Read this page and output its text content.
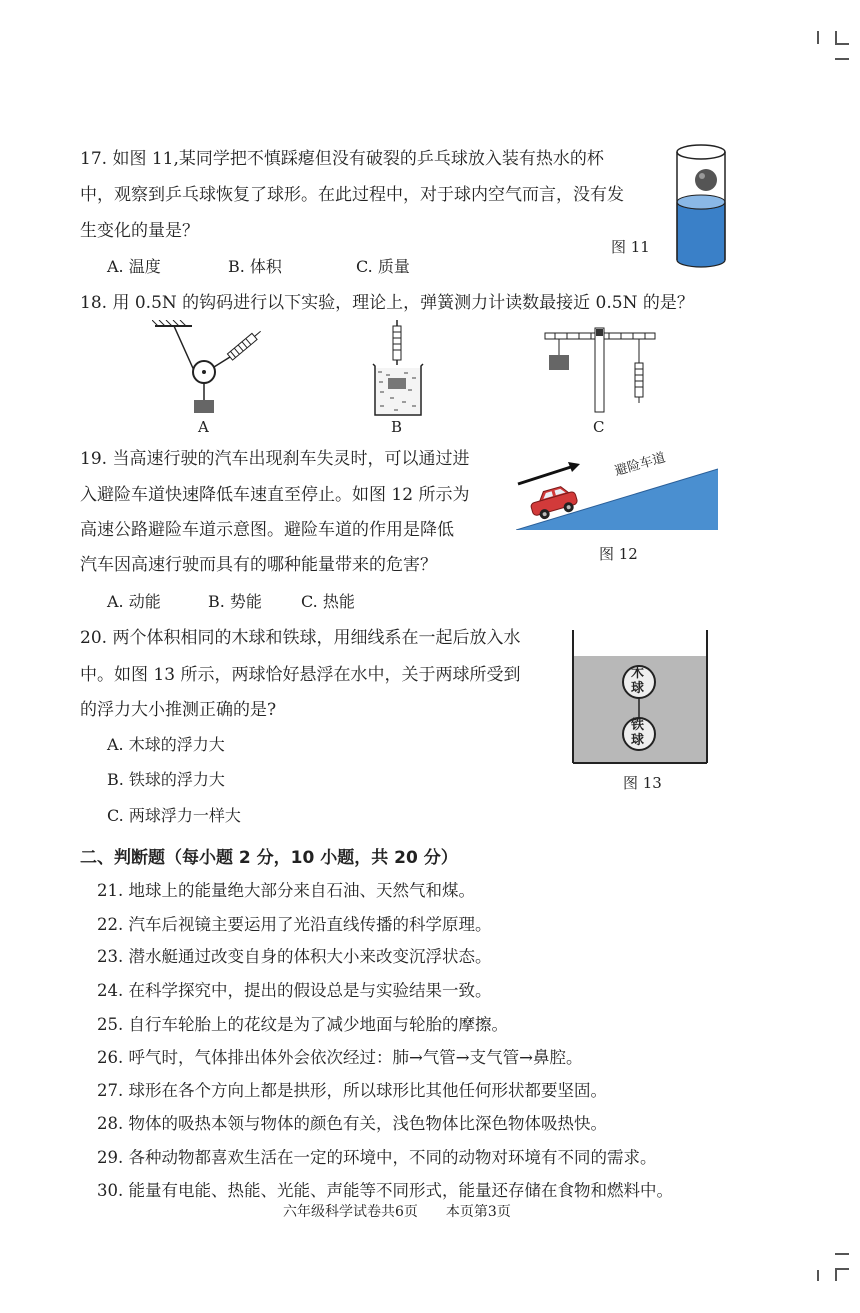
17. 如图 11,某同学把不慎踩瘪但没有破裂的乒乓球放入装有热水的杯
中，观察到乒乓球恢复了球形。在此过程中，对于球内空气而言，没有发
生变化的量是？
A. 温度	B. 体积	C. 质量
图 11
18. 用 0.5N 的钩码进行以下实验，理论上，弹簧测力计读数最接近 0.5N 的是？
A	B	C
19. 当高速行驶的汽车出现刹车失灵时，可以通过进
入避险车道快速降低车速直至停止。如图 12 所示为
高速公路避险车道示意图。避险车道的作用是降低
汽车因高速行驶而具有的哪种能量带来的危害？
A. 动能	B. 势能 C. 热能
避险车道
图 12
20. 两个体积相同的木球和铁球，用细线系在一起后放入水
中。如图 13 所示，两球恰好悬浮在水中，关于两球所受到
的浮力大小推测正确的是?
A. 木球的浮力大
B. 铁球的浮力大
C. 两球浮力一样大
木
球
铁
球
图 13
二、判断题（每小题 2 分，10 小题，共 20 分）
21. 地球上的能量绝大部分来自石油、天然气和煤。
22. 汽车后视镜主要运用了光沿直线传播的科学原理。
23. 潜水艇通过改变自身的体积大小来改变沉浮状态。
24. 在科学探究中，提出的假设总是与实验结果一致。
25. 自行车轮胎上的花纹是为了减少地面与轮胎的摩擦。
26. 呼气时，气体排出体外会依次经过：肺→气管→支气管→鼻腔。
27. 球形在各个方向上都是拱形，所以球形比其他任何形状都要坚固。
28. 物体的吸热本领与物体的颜色有关，浅色物体比深色物体吸热快。
29. 各种动物都喜欢生活在一定的环境中，不同的动物对环境有不同的需求。
30. 能量有电能、热能、光能、声能等不同形式，能量还存储在食物和燃料中。
六年级科学试卷共6页　　本页第3页
